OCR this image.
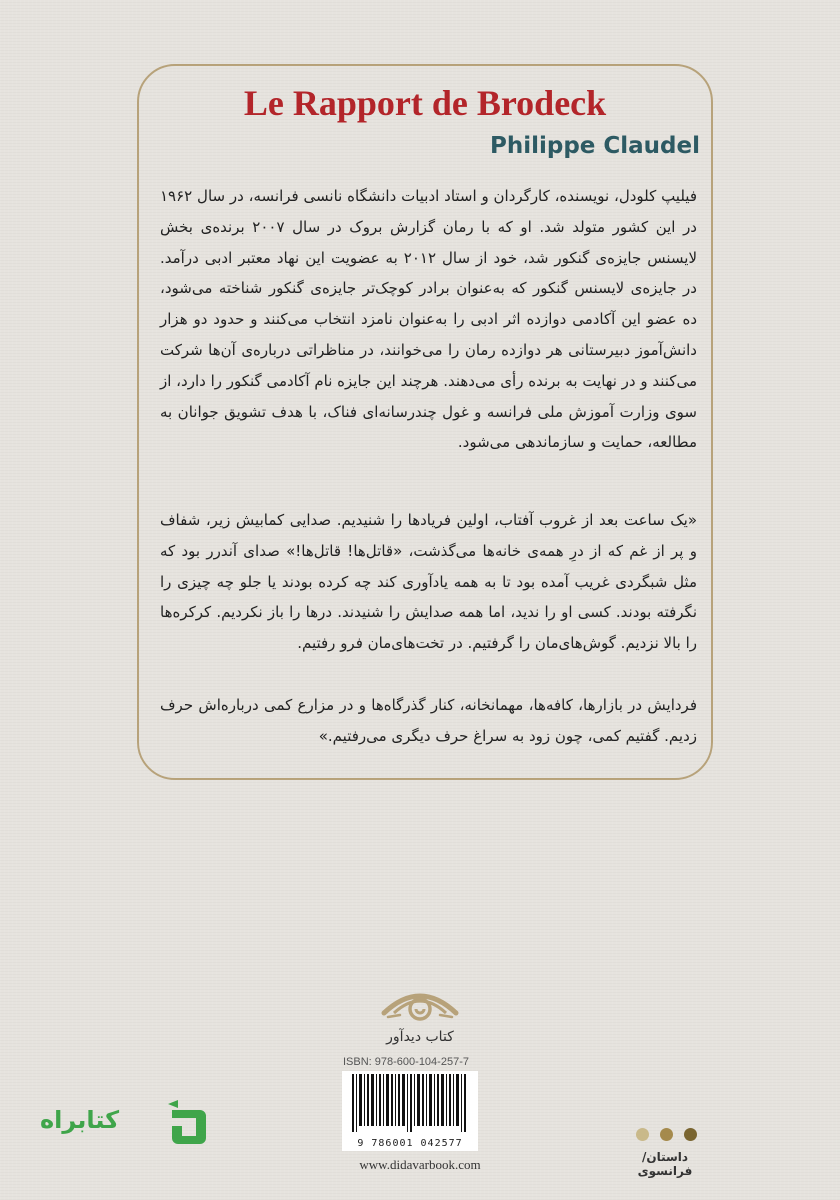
Le Rapport de Brodeck
Philippe Claudel

فیلیپ کلودل، نویسنده، کارگردان و استاد ادبیات دانشگاه نانسی فرانسه، در سال ۱۹۶۲ در این کشور متولد شد. او که با رمان گزارش بروک در سال ۲۰۰۷ برنده‌ی بخش لایسنس جایزه‌ی گنکور شد، خود از سال ۲۰۱۲ به عضویت این نهاد معتبر ادبی درآمد. در جایزه‌ی لایسنس گنکور که به‌عنوان برادر کوچک‌تر جایزه‌ی گنکور شناخته می‌شود، ده عضو این آکادمی دوازده اثر ادبی را به‌عنوان نامزد انتخاب می‌کنند و حدود دو هزار دانش‌آموز دبیرستانی هر دوازده رمان را می‌خوانند، در مناظراتی درباره‌ی آن‌ها شرکت می‌کنند و در نهایت به برنده رأی می‌دهند. هرچند این جایزه نام آکادمی گنکور را دارد، از سوی وزارت آموزش ملی فرانسه و غول چندرسانه‌ای فناک، با هدف تشویق جوانان به مطالعه، حمایت و سازماندهی می‌شود.

«یک ساعت بعد از غروب آفتاب، اولین فریادها را شنیدیم. صدایی کمابیش زیر، شفاف و پر از غم که از درِ همه‌ی خانه‌ها می‌گذشت، «قاتل‌ها! قاتل‌ها!» صدای آندرر بود که مثل شبگردی غریب آمده بود تا به همه یادآوری کند چه کرده بودند یا جلو چه چیزی را نگرفته بودند. کسی او را ندید، اما همه صدایش را شنیدند. درها را باز نکردیم. کرکره‌ها را بالا نزدیم. گوش‌های‌مان را گرفتیم. در تخت‌های‌مان فرو رفتیم.

فردایش در بازارها، کافه‌ها، مهمانخانه، کنار گذرگاه‌ها و در مزارع کمی درباره‌اش حرف زدیم. گفتیم کمی، چون زود به سراغ حرف دیگری می‌رفتیم.»

کتاب دیدآور
ISBN: 978-600-104-257-7
9 786001 042577
www.didavarbook.com
کتابراه

داستان/فرانسوی
